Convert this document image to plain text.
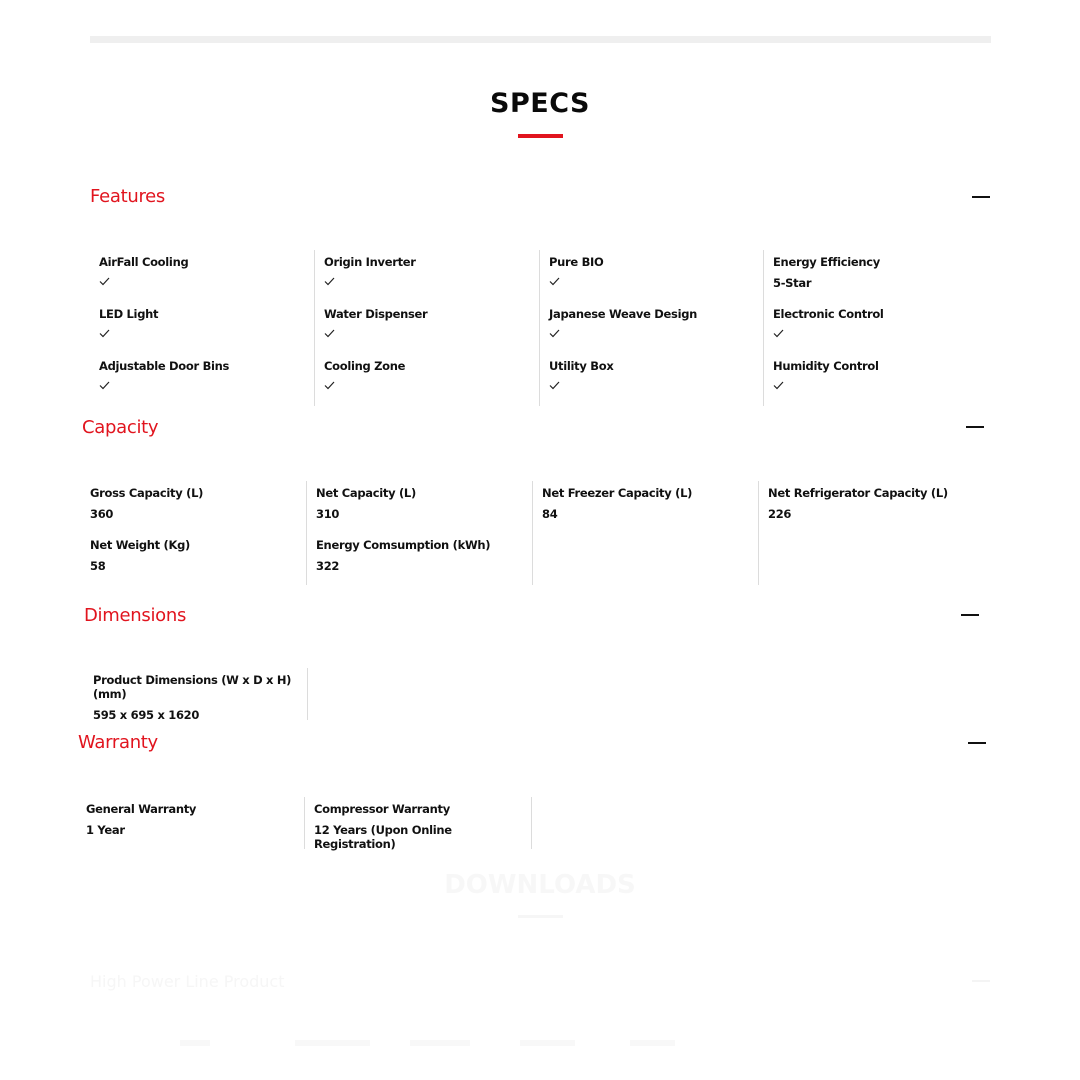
SPECS
Features
AirFall Cooling
LED Light
Adjustable Door Bins
Origin Inverter
Water Dispenser
Cooling Zone
Pure BIO
Japanese Weave Design
Utility Box
Energy Efficiency
5-Star
Electronic Control
Humidity Control
Capacity
Gross Capacity (L)
360
Net Weight (Kg)
58
Net Capacity (L)
310
Energy Comsumption (kWh)
322
Net Freezer Capacity (L)
84
Net Refrigerator Capacity (L)
226
Dimensions
Product Dimensions (W x D x H) (mm)
595 x 695 x 1620
Warranty
General Warranty
1 Year
Compressor Warranty
12 Years (Upon Online Registration)
DOWNLOADS
High Power Line Product
